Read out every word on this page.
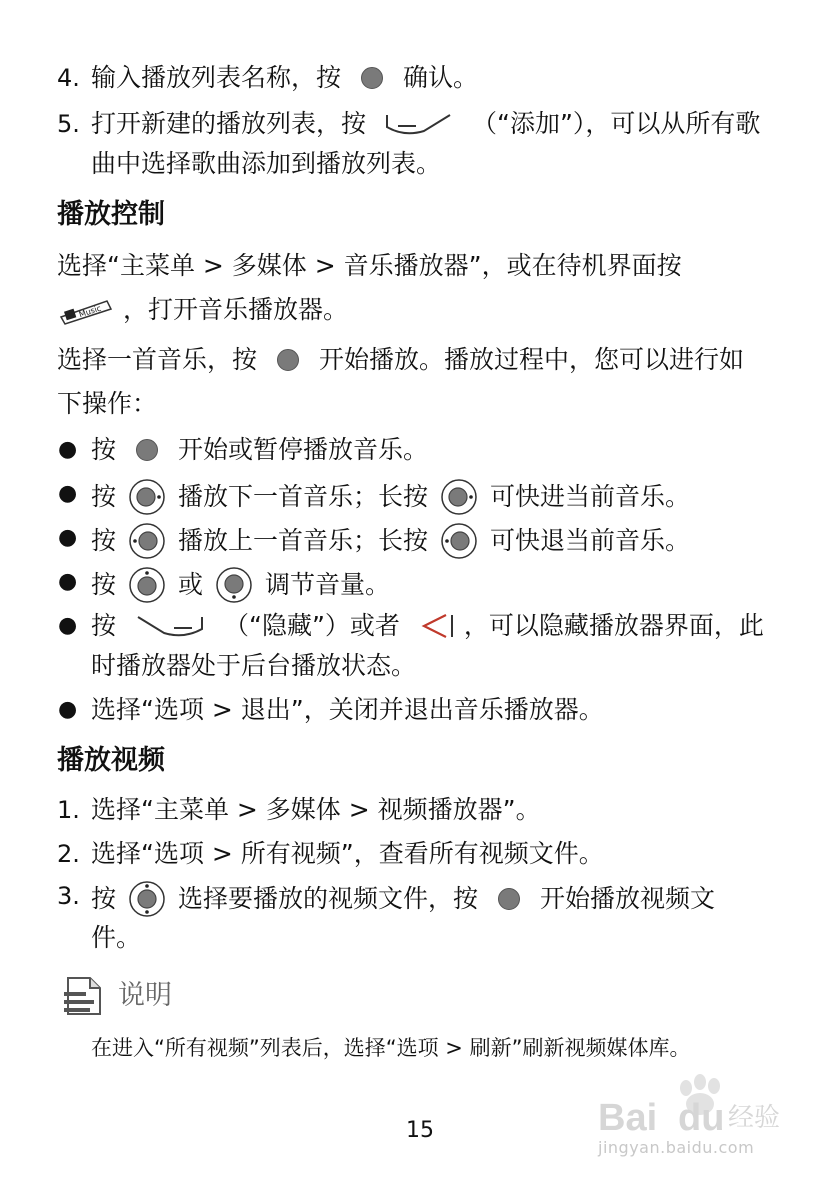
4. 输入播放列表名称，按 确认。
5. 打开新建的播放列表，按	（“添加”），可以从所有歌
曲中选择歌曲添加到播放列表。
播放控制
选择“主菜单 > 多媒体 > 音乐播放器”，或在待机界面按
Music ，打开音乐播放器。
选择一首音乐，按 开始播放。播放过程中，您可以进行如
下操作：
● 按 开始或暂停播放音乐。
● 按 播放下一首音乐；长按 可快进当前音乐。
● 按 播放上一首音乐；长按 可快退当前音乐。
● 按 或 调节音量。
● 按	（“隐藏”）或者	，可以隐藏播放器界面，此
时播放器处于后台播放状态。
● 选择“选项 > 退出”，关闭并退出音乐播放器。
播放视频
1. 选择“主菜单 > 多媒体 > 视频播放器”。
2. 选择“选项 > 所有视频”，查看所有视频文件。
3. 按 选择要播放的视频文件，按 开始播放视频文
件。
说明
在进入“所有视频”列表后，选择“选项 > 刷新”刷新视频媒体库。
15	Bai du 经验
jingyan.baidu.com
